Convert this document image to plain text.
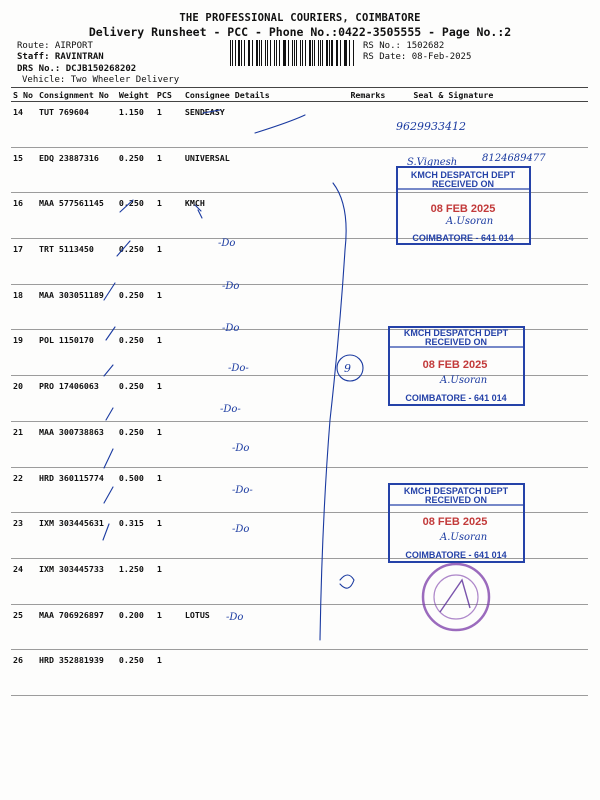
THE PROFESSIONAL COURIERS, COIMBATORE
Delivery Runsheet - PCC - Phone No.:0422-3505555 - Page No.:2
Route: AIRPORT
Staff: RAVINTRAN
DRS No.: DCJB150268202
Vehicle: Two Wheeler Delivery
RS No.: 1502682
RS Date: 08-Feb-2025
S No	Consignment No	Weight	PCS	Consignee Details	Remarks	Seal & Signature
14	TUT 769604	1.150	1	SENDEASY		
15	EDQ 23887316	0.250	1	UNIVERSAL		
16	MAA 577561145	0.250	1	KMCH		
17	TRT 5113450	0.250	1			
18	MAA 303051189	0.250	1			
19	POL 1150170	0.250	1			
20	PRO 17406063	0.250	1			
21	MAA 300738863	0.250	1			
22	HRD 360115774	0.500	1			
23	IXM 303445631	0.315	1			
24	IXM 303445733	1.250	1			
25	MAA 706926897	0.200	1	LOTUS		
26	HRD 352881939	0.250	1			
9629933412
S.Vignesh 8124689477
-Do
-Do
-Do
-Do-
-Do-
-Do
-Do-
-Do
-Do
9
KMCH DESPATCH DEPT
RECEIVED ON
08 FEB 2025
A.Usoran
COIMBATORE - 641 014
KMCH DESPATCH DEPT
RECEIVED ON
08 FEB 2025
A.Usoran
COIMBATORE - 641 014
KMCH DESPATCH DEPT
RECEIVED ON
08 FEB 2025
A.Usoran
COIMBATORE - 641 014
